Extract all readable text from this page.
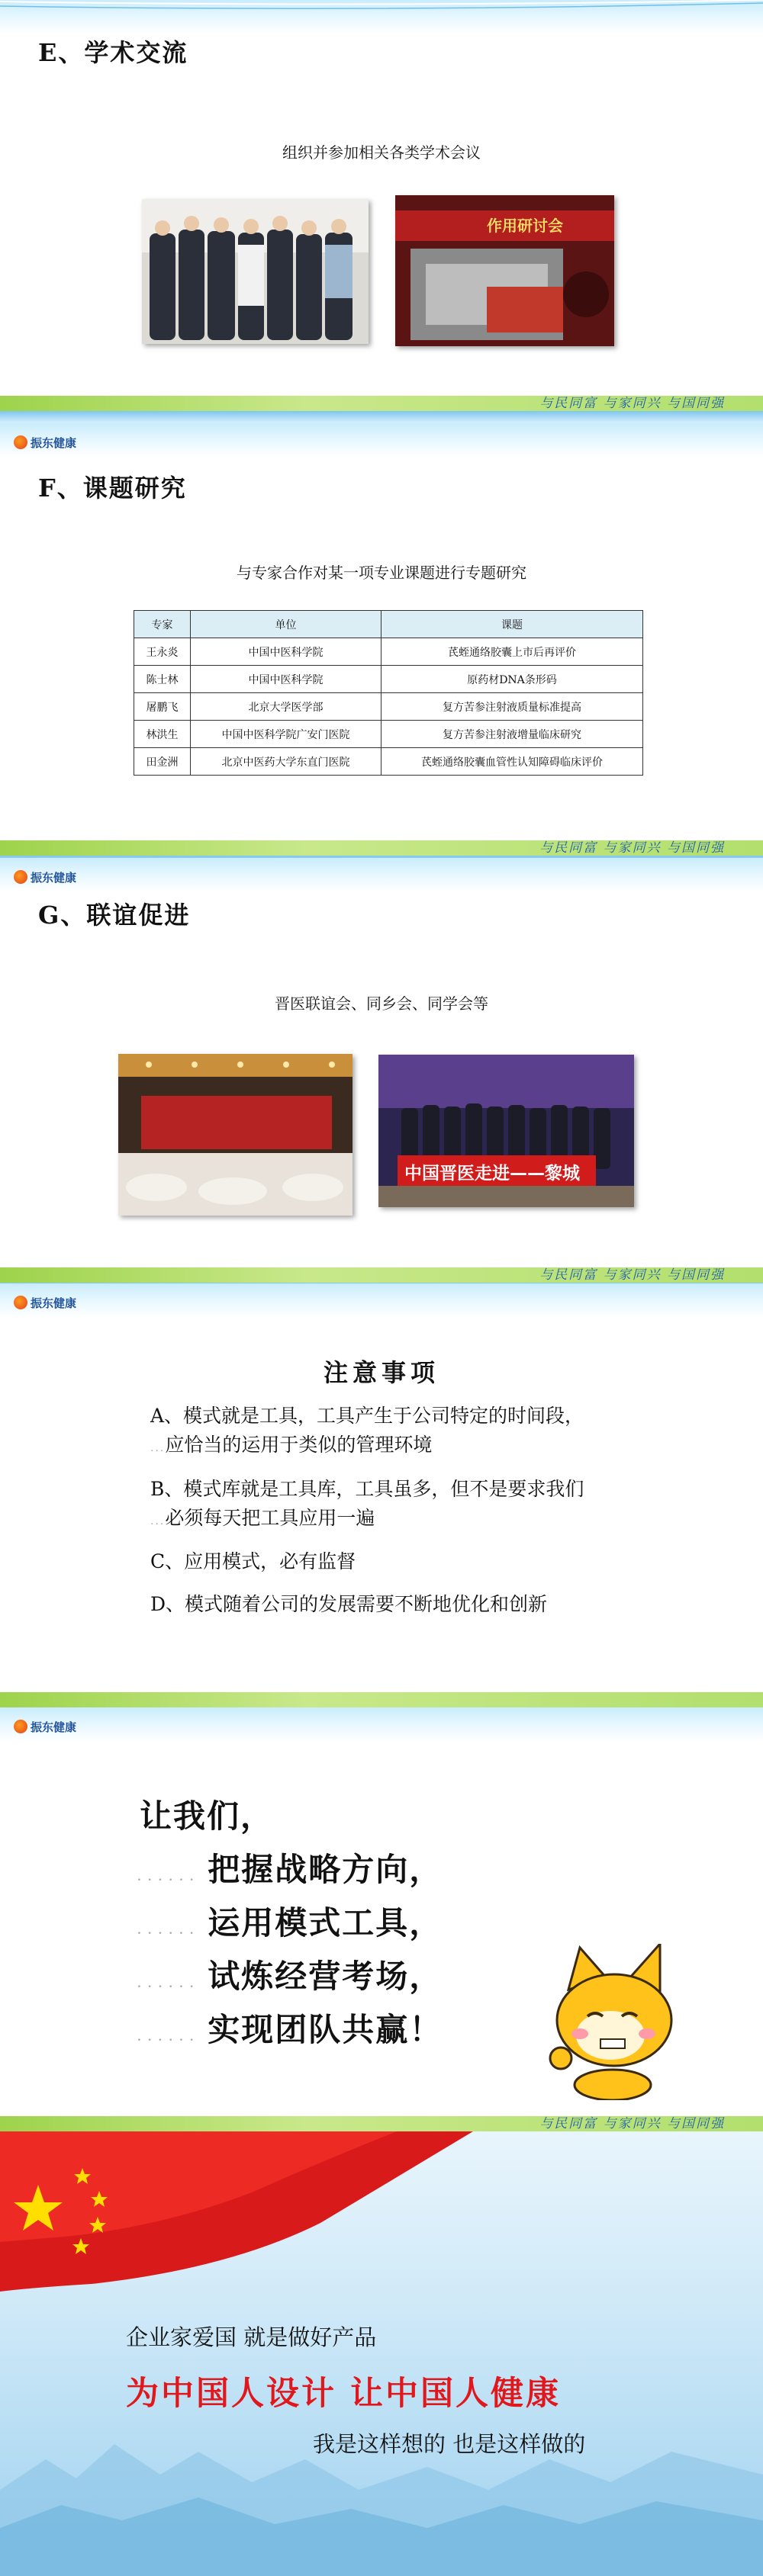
E、学术交流
组织并参加相关各类学术会议
作用研讨会
与民同富 与家同兴 与国同强
振东健康
F、课题研究
与专家合作对某一项专业课题进行专题研究
与民同富 与家同兴 与国同强
专家	单位	课题
王永炎	中国中医科学院	芪蛭通络胶囊上市后再评价
陈士林	中国中医科学院	原药材DNA条形码
屠鹏飞	北京大学医学部	复方苦参注射液质量标准提高
林洪生	中国中医科学院广安门医院	复方苦参注射液增量临床研究
田金洲	北京中医药大学东直门医院	芪蛭通络胶囊血管性认知障碍临床评价
振东健康
G、联谊促进
晋医联谊会、同乡会、同学会等
中国晋医走进——黎城
与民同富 与家同兴 与国同强
振东健康
注意事项
A、模式就是工具，工具产生于公司特定的时间段，
...应恰当的运用于类似的管理环境
B、模式库就是工具库，工具虽多，但不是要求我们
...必须每天把工具应用一遍
C、应用模式，必有监督
D、模式随着公司的发展需要不断地优化和创新
振东健康
让我们，
. . . . . . 把握战略方向，
. . . . . . 运用模式工具，
. . . . . . 试炼经营考场，
. . . . . . 实现团队共赢！
与民同富 与家同兴 与国同强
企业家爱国 就是做好产品
为中国人设计 让中国人健康
我是这样想的 也是这样做的
